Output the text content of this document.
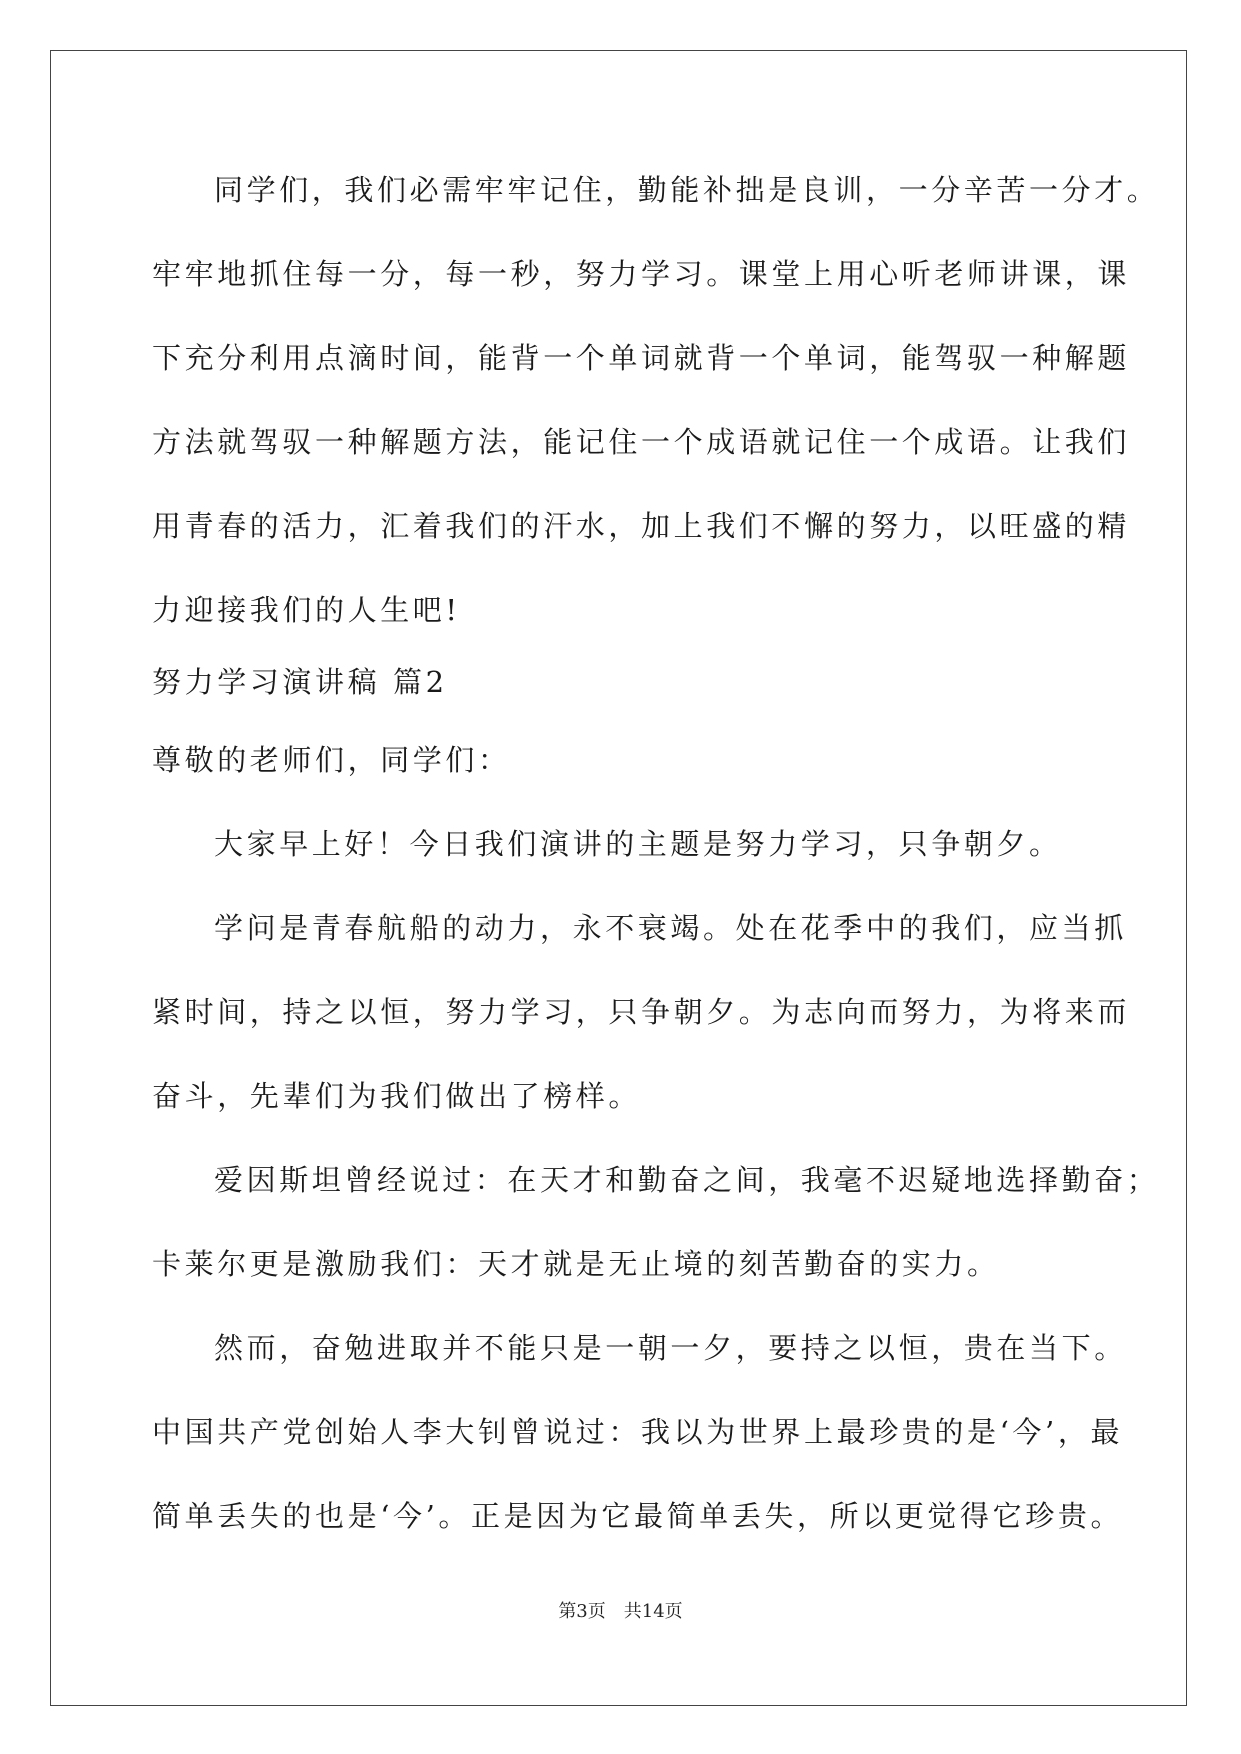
同学们，我们必需牢牢记住，勤能补拙是良训，一分辛苦一分才。
牢牢地抓住每一分，每一秒，努力学习。课堂上用心听老师讲课，课
下充分利用点滴时间，能背一个单词就背一个单词，能驾驭一种解题
方法就驾驭一种解题方法，能记住一个成语就记住一个成语。让我们
用青春的活力，汇着我们的汗水，加上我们不懈的努力，以旺盛的精
力迎接我们的人生吧!
努力学习演讲稿 篇2
尊敬的老师们，同学们：
大家早上好！今日我们演讲的主题是努力学习，只争朝夕。
学问是青春航船的动力，永不衰竭。处在花季中的我们，应当抓
紧时间，持之以恒，努力学习，只争朝夕。为志向而努力，为将来而
奋斗，先辈们为我们做出了榜样。
爱因斯坦曾经说过：在天才和勤奋之间，我毫不迟疑地选择勤奋；
卡莱尔更是激励我们：天才就是无止境的刻苦勤奋的实力。
然而，奋勉进取并不能只是一朝一夕，要持之以恒，贵在当下。
中国共产党创始人李大钊曾说过：我以为世界上最珍贵的是‘今’，最
简单丢失的也是‘今’。正是因为它最简单丢失，所以更觉得它珍贵。
第3页 共14页
